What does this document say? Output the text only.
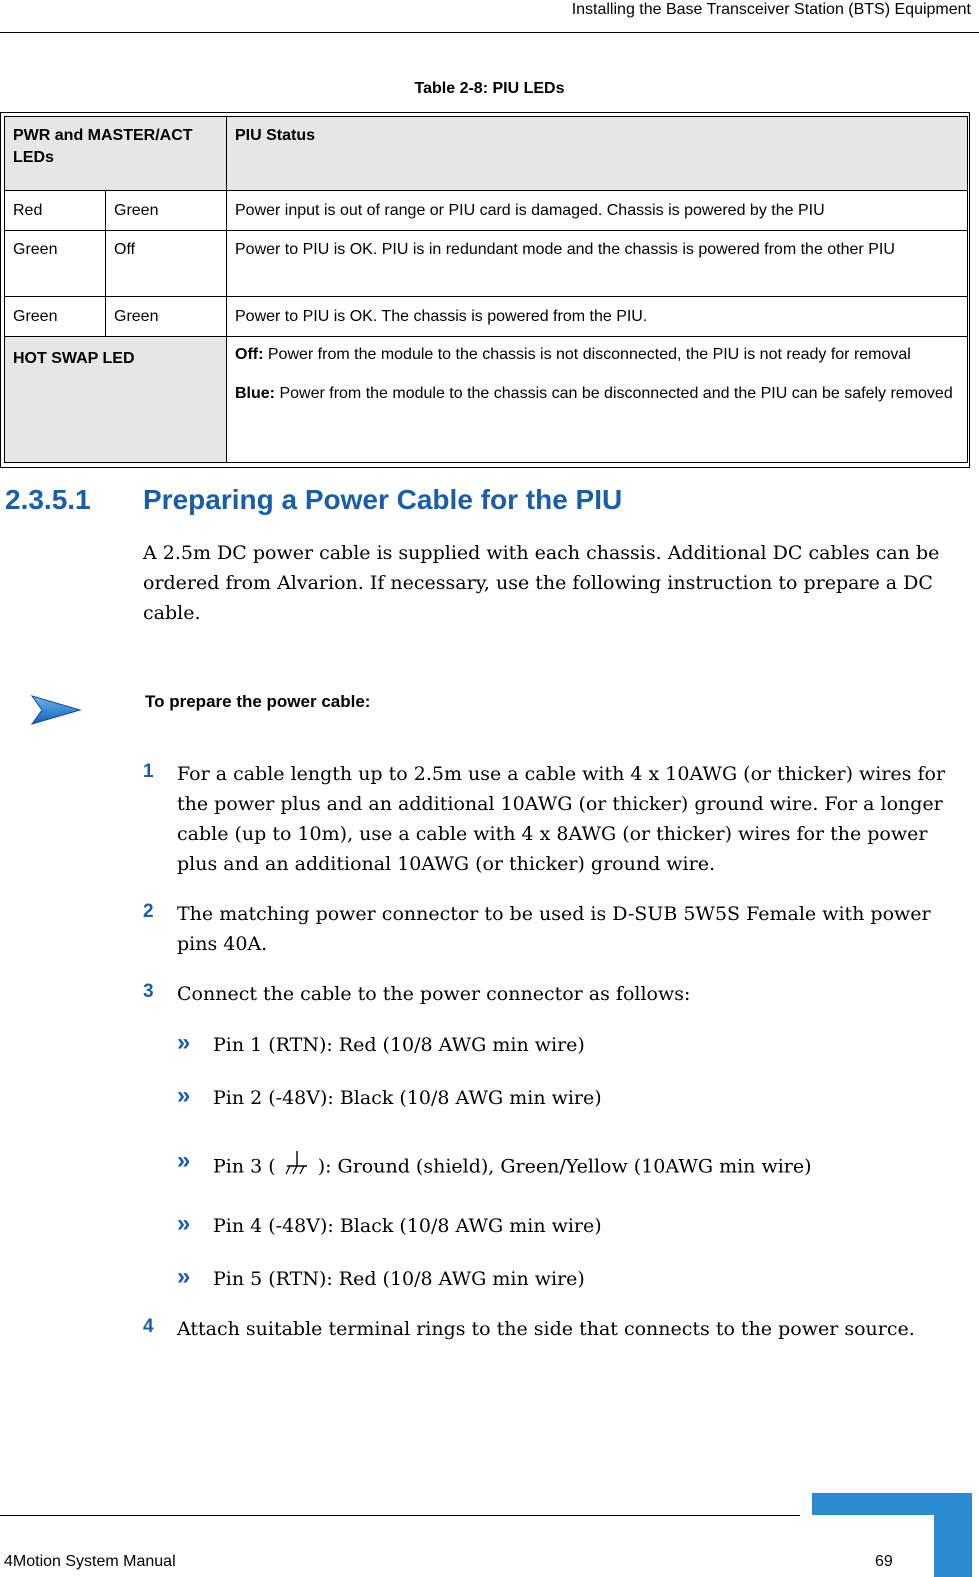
Installing the Base Transceiver Station (BTS) Equipment
Table 2-8: PIU LEDs
PWR and MASTER/ACT LEDs		PIU Status
Red	Green	Power input is out of range or PIU card is damaged. Chassis is powered by the PIU
Green	Off	Power to PIU is OK. PIU is in redundant mode and the chassis is powered from the other PIU
Green	Green	Power to PIU is OK. The chassis is powered from the PIU.
HOT SWAP LED		Off: Power from the module to the chassis is not disconnected, the PIU is not ready for removal
Blue: Power from the module to the chassis can be disconnected and the PIU can be safely removed
2.3.5.1 Preparing a Power Cable for the PIU
A 2.5m DC power cable is supplied with each chassis. Additional DC cables can be ordered from Alvarion. If necessary, use the following instruction to prepare a DC cable.
To prepare the power cable:
1 For a cable length up to 2.5m use a cable with 4 x 10AWG (or thicker) wires for the power plus and an additional 10AWG (or thicker) ground wire. For a longer cable (up to 10m), use a cable with 4 x 8AWG (or thicker) wires for the power plus and an additional 10AWG (or thicker) ground wire.
2 The matching power connector to be used is D-SUB 5W5S Female with power pins 40A.
3 Connect the cable to the power connector as follows:
» Pin 1 (RTN): Red (10/8 AWG min wire)
» Pin 2 (-48V): Black (10/8 AWG min wire)
» Pin 3 ( ): Ground (shield), Green/Yellow (10AWG min wire)
» Pin 4 (-48V): Black (10/8 AWG min wire)
» Pin 5 (RTN): Red (10/8 AWG min wire)
4 Attach suitable terminal rings to the side that connects to the power source.
4Motion System Manual	69
